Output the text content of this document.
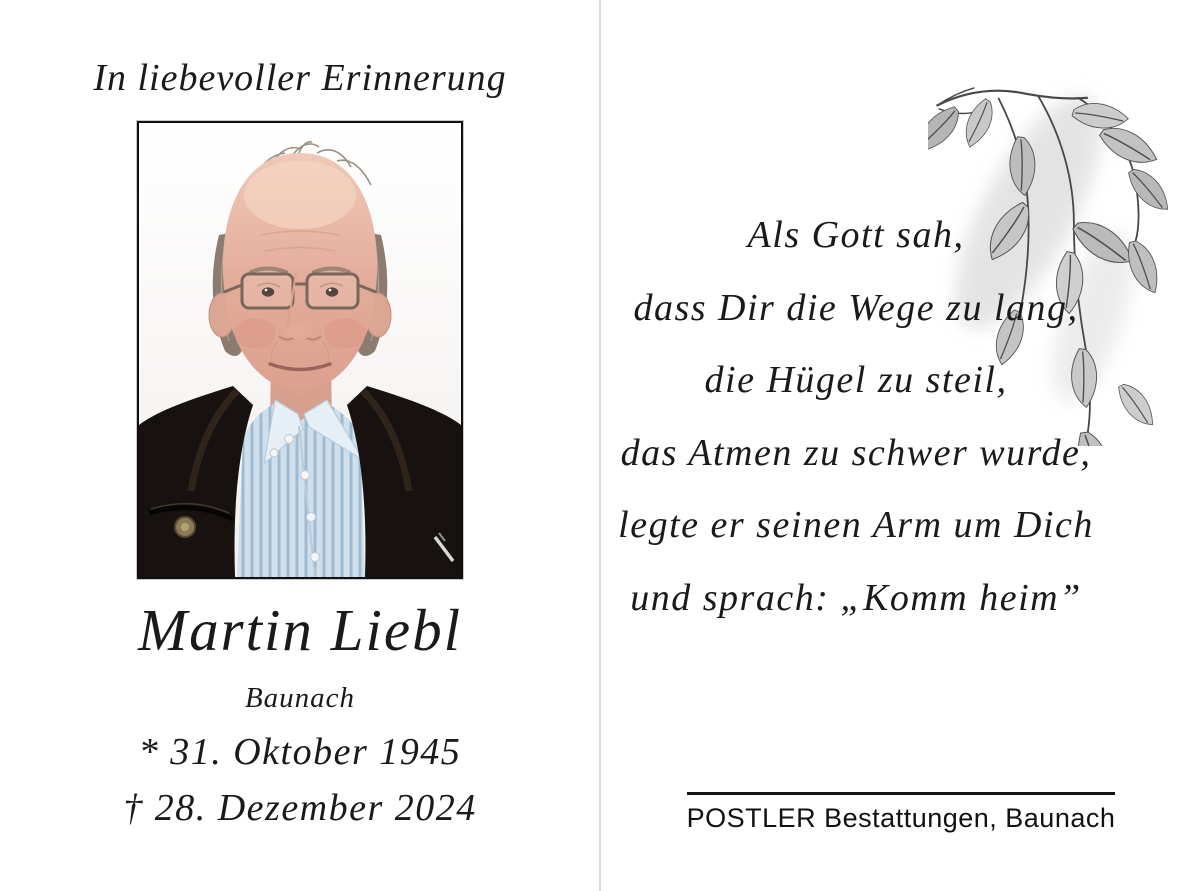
In liebevoller Erinnerung
Martin Liebl
Baunach
* 31. Oktober 1945
† 28. Dezember 2024
Als Gott sah,
dass Dir die Wege zu lang,
die Hügel zu steil,
das Atmen zu schwer wurde,
legte er seinen Arm um Dich
und sprach: „Komm heim”
POSTLER Bestattungen, Baunach
